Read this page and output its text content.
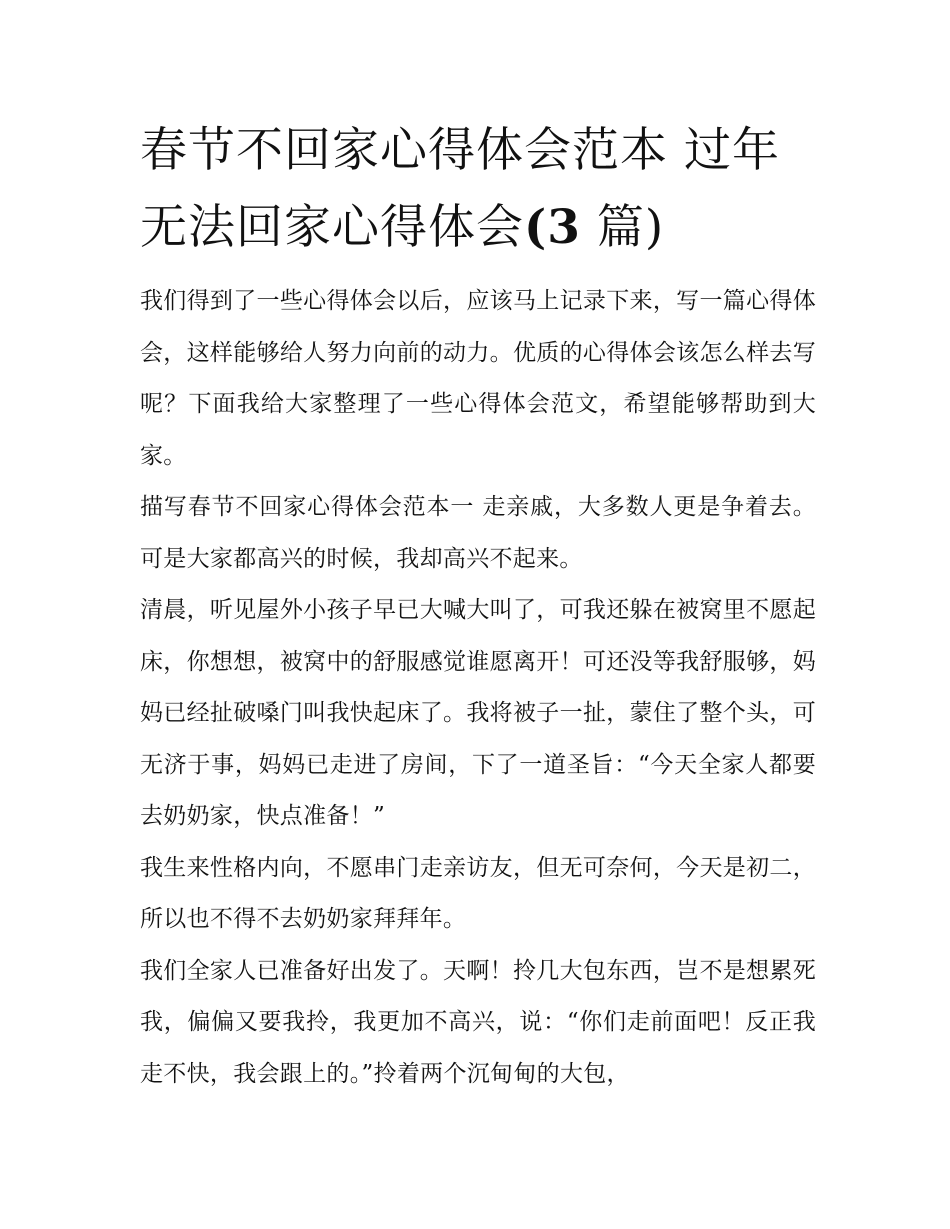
春节不回家心得体会范本 过年无法回家心得体会(3 篇)

我们得到了一些心得体会以后，应该马上记录下来，写一篇心得体会，这样能够给人努力向前的动力。优质的心得体会该怎么样去写呢？下面我给大家整理了一些心得体会范文，希望能够帮助到大家。

描写春节不回家心得体会范本一 走亲戚，大多数人更是争着去。 可是大家都高兴的时候，我却高兴不起来。

清晨，听见屋外小孩子早已大喊大叫了，可我还躲在被窝里不愿起床，你想想，被窝中的舒服感觉谁愿离开！可还没等我舒服够，妈妈已经扯破嗓门叫我快起床了。我将被子一扯，蒙住了整个头，可无济于事，妈妈已走进了房间，下了一道圣旨：“今天全家人都要去奶奶家，快点准备！”

我生来性格内向，不愿串门走亲访友，但无可奈何，今天是初二，所以也不得不去奶奶家拜拜年。

我们全家人已准备好出发了。天啊！拎几大包东西，岂不是想累死我，偏偏又要我拎，我更加不高兴，说：“你们走前面吧！反正我走不快，我会跟上的。”拎着两个沉甸甸的大包，
